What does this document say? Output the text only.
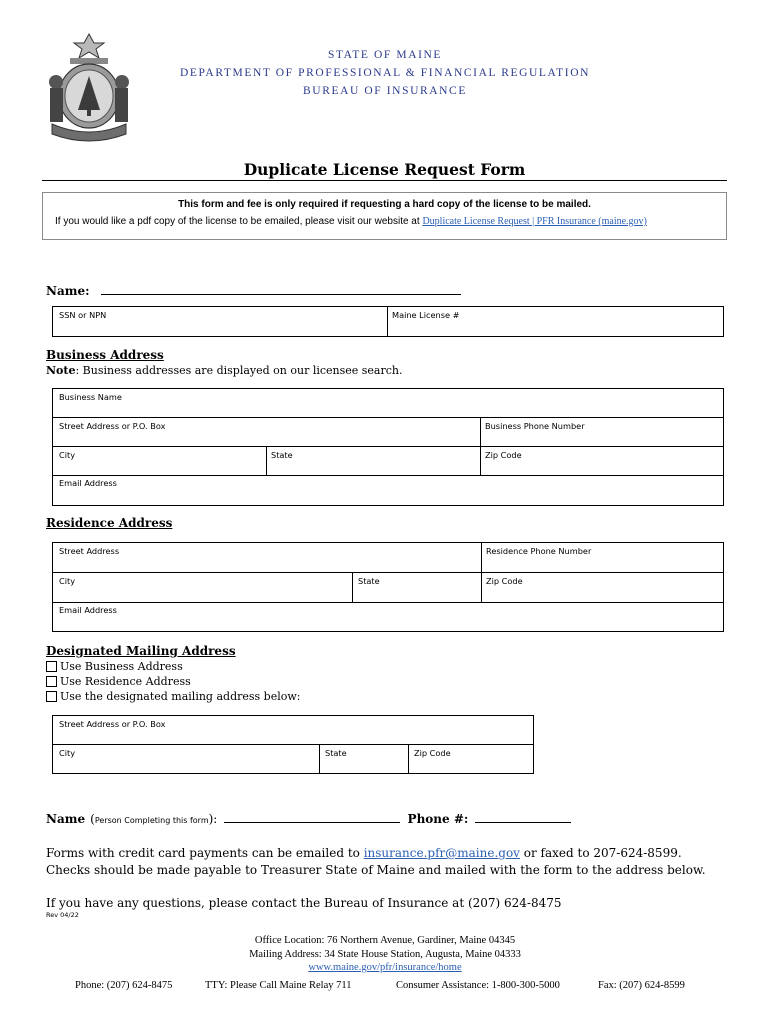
STATE OF MAINE
DEPARTMENT OF PROFESSIONAL & FINANCIAL REGULATION
BUREAU OF INSURANCE
Duplicate License Request Form
This form and fee is only required if requesting a hard copy of the license to be mailed.
If you would like a pdf copy of the license to be emailed, please visit our website at Duplicate License Request | PFR Insurance (maine.gov)
Name:
SSN or NPN	Maine License #
Business Address
Note: Business addresses are displayed on our licensee search.
Business Name
Street Address or P.O. Box	Business Phone Number
City	State	Zip Code
Email Address
Residence Address
Street Address	Residence Phone Number
City	State	Zip Code
Email Address
Designated Mailing Address
Use Business Address
Use Residence Address
Use the designated mailing address below:
Street Address or P.O. Box
City	State	Zip Code
Name (Person Completing this form):	Phone #:
Forms with credit card payments can be emailed to insurance.pfr@maine.gov or faxed to 207-624-8599.
Checks should be made payable to Treasurer State of Maine and mailed with the form to the address below.
If you have any questions, please contact the Bureau of Insurance at (207) 624-8475
Rev 04/22
Office Location: 76 Northern Avenue, Gardiner, Maine 04345
Mailing Address: 34 State House Station, Augusta, Maine 04333
www.maine.gov/pfr/insurance/home
Phone: (207) 624-8475	TTY: Please Call Maine Relay 711	Consumer Assistance: 1-800-300-5000	Fax: (207) 624-8599
